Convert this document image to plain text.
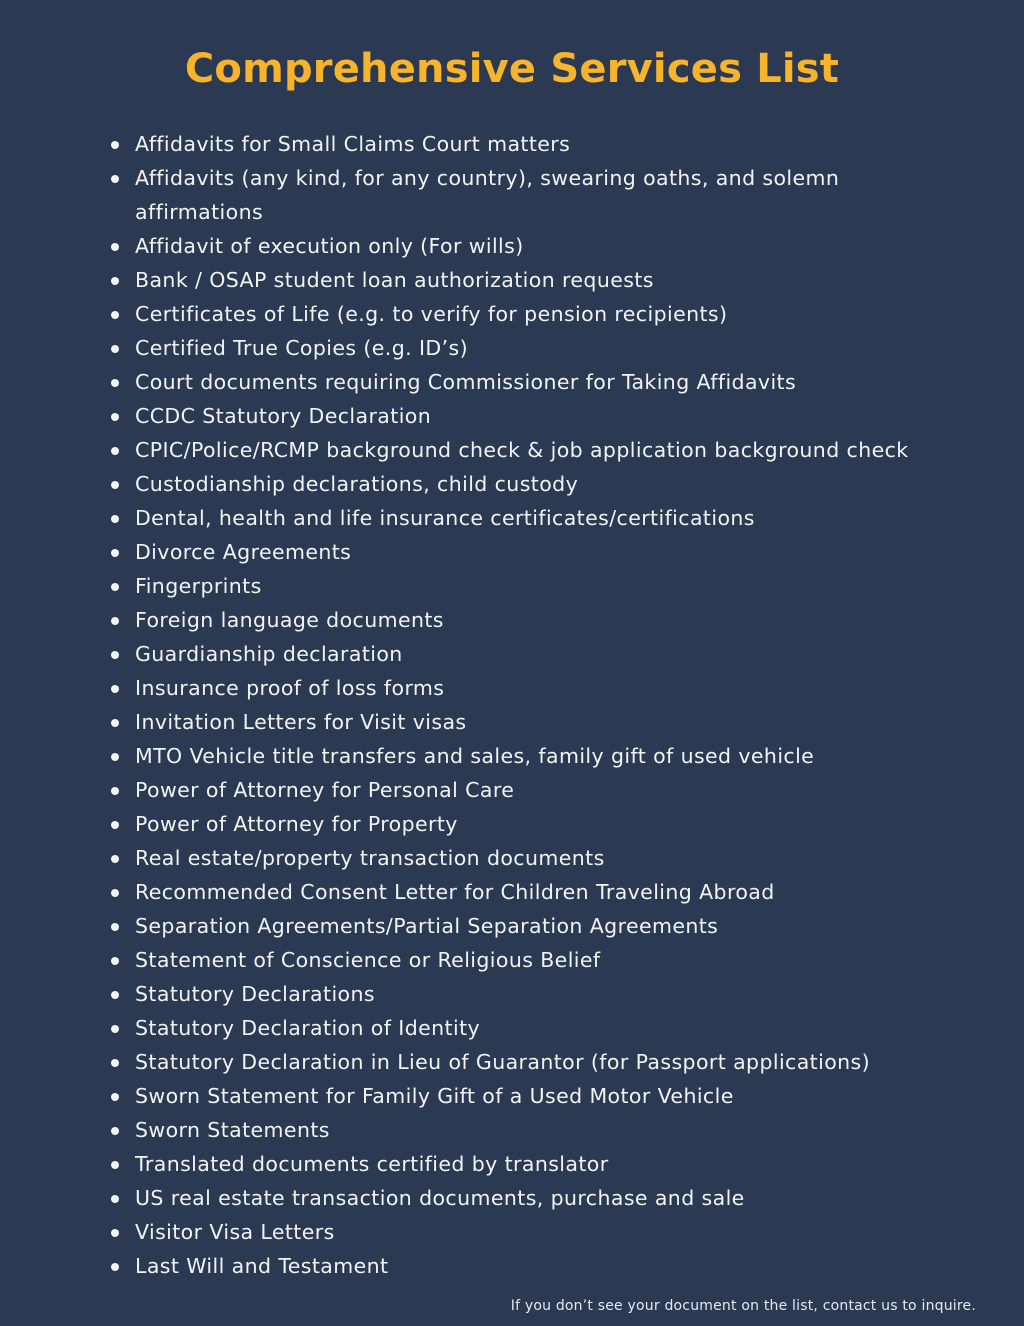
Comprehensive Services List
Affidavits for Small Claims Court matters
Affidavits (any kind, for any country), swearing oaths, and solemn affirmations
Affidavit of execution only (For wills)
Bank / OSAP student loan authorization requests
Certificates of Life (e.g. to verify for pension recipients)
Certified True Copies (e.g. ID’s)
Court documents requiring Commissioner for Taking Affidavits
CCDC Statutory Declaration
CPIC/Police/RCMP background check & job application background check
Custodianship declarations, child custody
Dental, health and life insurance certificates/certifications
Divorce Agreements
Fingerprints
Foreign language documents
Guardianship declaration
Insurance proof of loss forms
Invitation Letters for Visit visas
MTO Vehicle title transfers and sales, family gift of used vehicle
Power of Attorney for Personal Care
Power of Attorney for Property
Real estate/property transaction documents
Recommended Consent Letter for Children Traveling Abroad
Separation Agreements/Partial Separation Agreements
Statement of Conscience or Religious Belief
Statutory Declarations
Statutory Declaration of Identity
Statutory Declaration in Lieu of Guarantor (for Passport applications)
Sworn Statement for Family Gift of a Used Motor Vehicle
Sworn Statements
Translated documents certified by translator
US real estate transaction documents, purchase and sale
Visitor Visa Letters
Last Will and Testament

If you don’t see your document on the list, contact us to inquire.
